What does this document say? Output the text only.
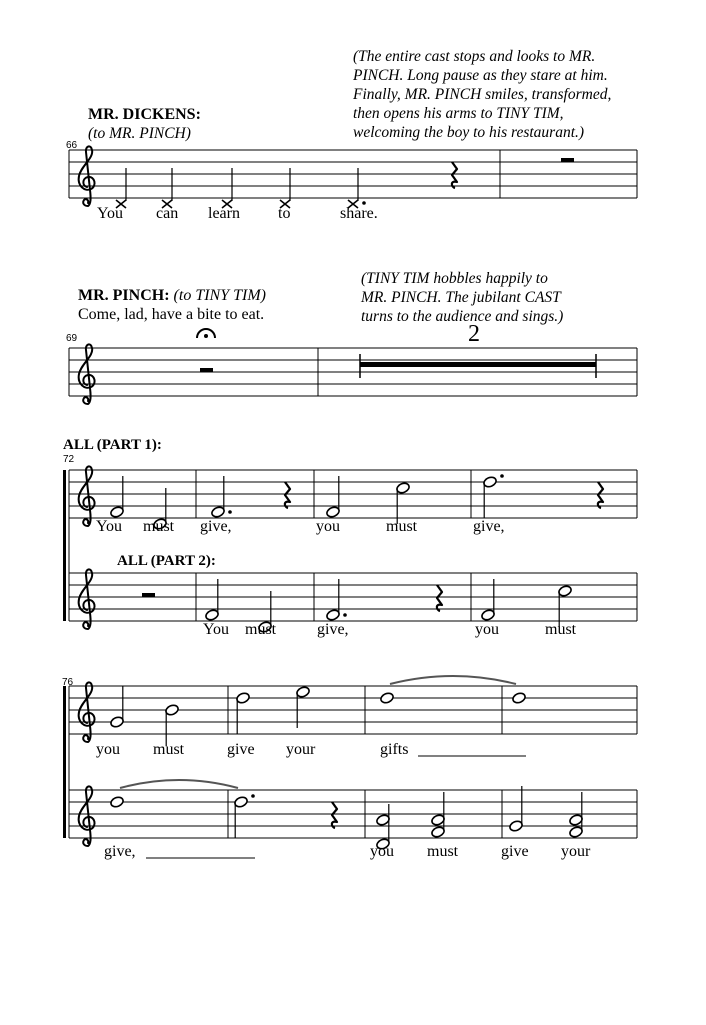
(The entire cast stops and looks to MR.
PINCH. Long pause as they stare at him.
Finally, MR. PINCH smiles, transformed,
then opens his arms to TINY TIM,
welcoming the boy to his restaurant.)
MR. DICKENS:
(to MR. PINCH)
66
You can learn to	share.
(TINY TIM hobbles happily to
MR. PINCH. The jubilant CAST
turns to the audience and sings.)
MR. PINCH: (to TINY TIM)
Come, lad, have a bite to eat.
69	2
ALL (PART 1):
72
You must give,	you	must	give,
ALL (PART 2):
You must	give,	you	must
76
you must	give your	gifts
give,	you must	give your
